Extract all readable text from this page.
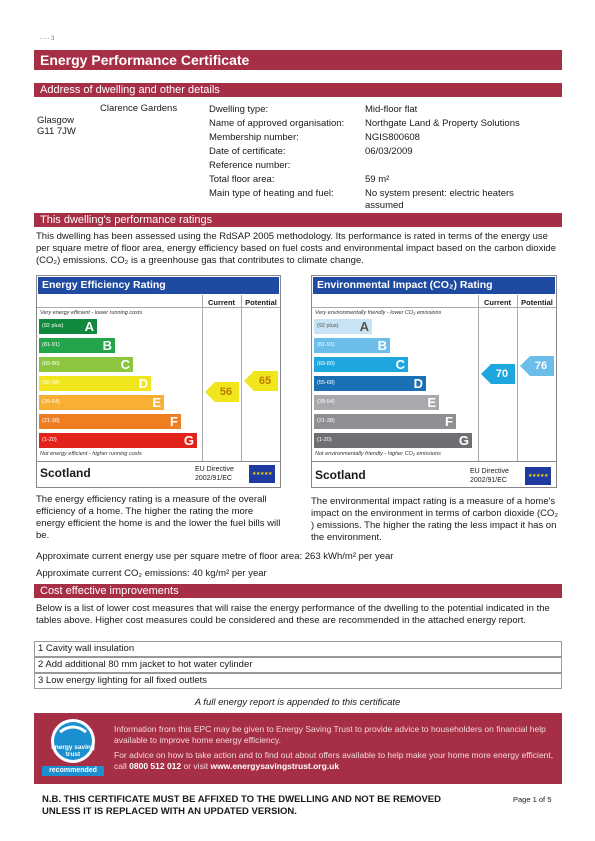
- - - 3
Energy Performance Certificate
Address of dwelling and other details
Clarence Gardens
Glasgow
G11 7JW
Dwelling type:	Mid-floor flat
Name of approved organisation: Northgate Land & Property Solutions
Membership number:	NGIS800608
Date of certificate:	06/03/2009
Reference number:
Total floor area:	59 m²
Main type of heating and fuel:	No system present: electric heaters assumed
This dwelling's performance ratings
This dwelling has been assessed using the RdSAP 2005 methodology. Its performance is rated in terms of the energy use per square metre of floor area, energy efficiency based on fuel costs and environmental impact based on the carbon dioxide (CO₂) emissions. CO₂ is a greenhouse gas that contributes to climate change.
Energy Efficiency Rating
Current	Potential
Very energy efficient - lower running costs
(92 plus) A
(81-91)	B
(69-80)	C
(55-68)	D
(39-54)	E
(21-38)	F
(1-20)	G
Not energy efficient - higher running costs
56
65
Scotland	EU Directive
2002/91/EC
★★★★★
The energy efficiency rating is a measure of the overall efficiency of a home. The higher the rating the more energy efficient the home is and the lower the fuel bills will be.
Environmental Impact (CO₂) Rating
Current	Potential
Very environmentally friendly - lower CO₂ emissions
(92 plus) A
(81-91)	B
(69-80)	C
(55-68)	D
(39-54)	E
(21-38)	F
(1-20)	G
Not environmentally friendly - higher CO₂ emissions
70
76
Scotland	EU Directive
2002/91/EC
★★★★★
The environmental impact rating is a measure of a home's impact on the environment in terms of carbon dioxide (CO₂ ) emissions. The higher the rating the less impact it has on the environment.
Approximate current energy use per square metre of floor area: 263 kWh/m² per year
Approximate current CO₂ emissions: 40 kg/m² per year
Cost effective improvements
Below is a list of lower cost measures that will raise the energy performance of the dwelling to the potential indicated in the tables above. Higher cost measures could be considered and these are recommended in the attached energy report.
1 Cavity wall insulation
2 Add additional 80 mm jacket to hot water cylinder
3 Low energy lighting for all fixed outlets
A full energy report is appended to this certificate
energy saving
trust
recommended
Information from this EPC may be given to Energy Saving Trust to provide advice to householders on financial help available to improve home energy efficiency.
For advice on how to take action and to find out about offers available to help make your home more energy efficient, call 0800 512 012 or visit www.energysavingstrust.org.uk
N.B. THIS CERTIFICATE MUST BE AFFIXED TO THE DWELLING AND NOT BE REMOVED
UNLESS IT IS REPLACED WITH AN UPDATED VERSION.
Page 1 of 5
